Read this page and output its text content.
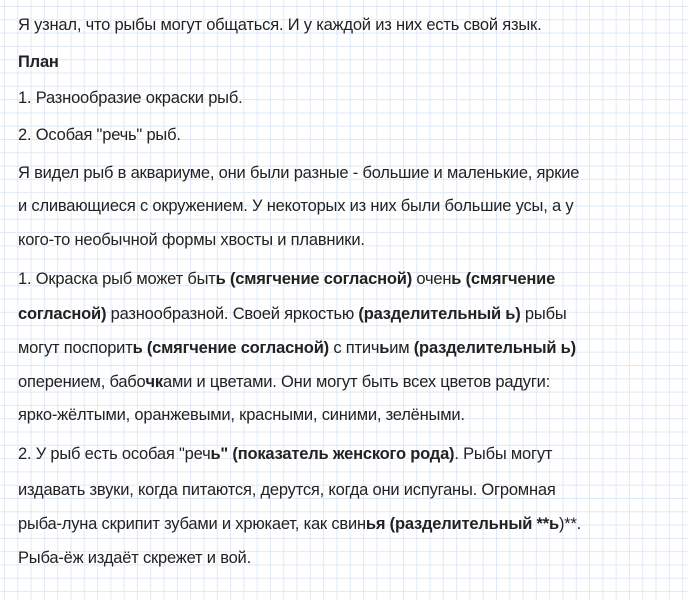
Я узнал, что рыбы могут общаться. И у каждой из них есть свой язык.
План
1. Разнообразие окраски рыб.
2. Особая "речь" рыб.
Я видел рыб в аквариуме, они были разные - большие и маленькие, яркие
и сливающиеся с окружением. У некоторых из них были большие усы, а у
кого-то необычной формы хвосты и плавники.
1. Окраска рыб может быть (смягчение согласной) очень (смягчение
согласной) разнообразной. Своей яркостью (разделительный ь) рыбы
могут поспорить (смягчение согласной) с птичьим (разделительный ь)
оперением, бабочками и цветами. Они могут быть всех цветов радуги:
ярко-жёлтыми, оранжевыми, красными, синими, зелёными.
2. У рыб есть особая "речь" (показатель женского рода). Рыбы могут
издавать звуки, когда питаются, дерутся, когда они испуганы. Огромная
рыба-луна скрипит зубами и хрюкает, как свинья (разделительный **ь)**.
Рыба-ёж издаёт скрежет и вой.
